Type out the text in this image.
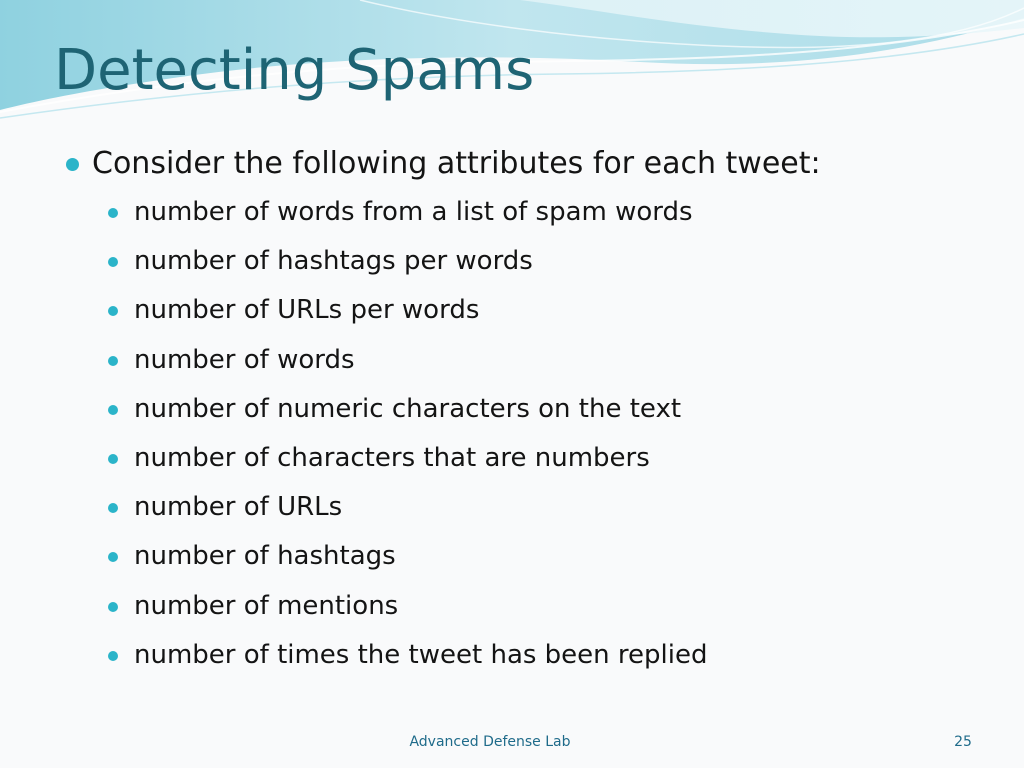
Detecting Spams
Consider the following attributes for each tweet:
number of words from a list of spam words
number of hashtags per words
number of URLs per words
number of words
number of numeric characters on the text
number of characters that are numbers
number of URLs
number of hashtags
number of mentions
number of times the tweet has been replied
Advanced Defense Lab	25
